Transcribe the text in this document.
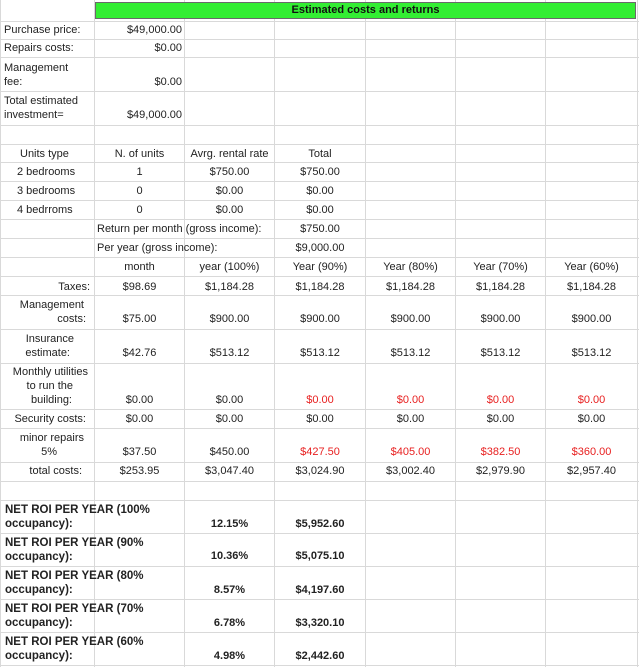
Estimated costs and returns
Purchase price:	$49,000.00
Repairs costs:	$0.00
Management
fee:	$0.00
Total estimated
investment=	$49,000.00
Units type	N. of units	Avrg. rental rate	Total
2 bedrooms	1	$750.00	$750.00
3 bedrooms	0	$0.00	$0.00
4 bedrroms	0	$0.00	$0.00
Return per month (gross income):	$750.00
Per year (gross income):	$9,000.00
month	year (100%)	Year (90%)	Year (80%)	Year (70%)	Year (60%)
Taxes:	$98.69	$1,184.28	$1,184.28	$1,184.28	$1,184.28	$1,184.28
Management
costs:	$75.00	$900.00	$900.00	$900.00	$900.00	$900.00
Insurance
estimate:	$42.76	$513.12	$513.12	$513.12	$513.12	$513.12
Monthly utilities
to run the
building:	$0.00	$0.00	$0.00	$0.00	$0.00	$0.00
Security costs:	$0.00	$0.00	$0.00	$0.00	$0.00	$0.00
minor repairs
5%	$37.50	$450.00	$427.50	$405.00	$382.50	$360.00
total costs:	$253.95	$3,047.40	$3,024.90	$3,002.40	$2,979.90	$2,957.40
NET ROI PER YEAR (100%
occupancy):	12.15%	$5,952.60
NET ROI PER YEAR (90%
occupancy):	10.36%	$5,075.10
NET ROI PER YEAR (80%
occupancy):	8.57%	$4,197.60
NET ROI PER YEAR (70%
occupancy):	6.78%	$3,320.10
NET ROI PER YEAR (60%
occupancy):	4.98%	$2,442.60
